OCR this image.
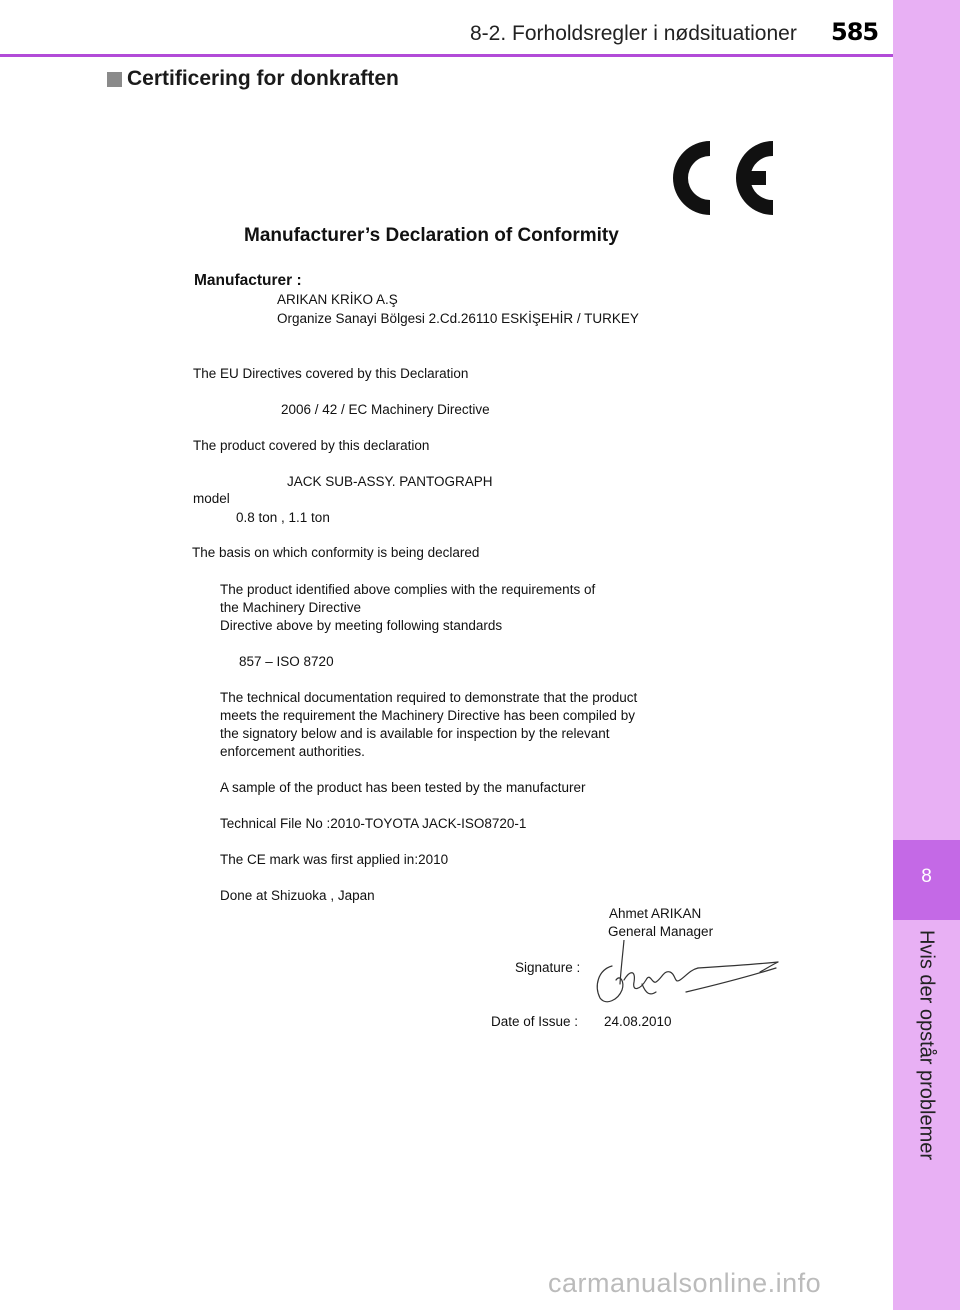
8-2. Forholdsregler i nødsituationer 585
8
Hvis der opstår problemer
Certificering for donkraften
Manufacturer’s Declaration of Conformity
Manufacturer :
ARIKAN KRİKO A.Ş
Organize Sanayi Bölgesi 2.Cd.26110 ESKİŞEHİR / TURKEY
The EU Directives covered by this Declaration
2006 / 42 / EC Machinery Directive
The product covered by this declaration
JACK SUB-ASSY. PANTOGRAPH
model
0.8 ton , 1.1 ton
The basis on which conformity is being declared
The product identified above complies with the requirements of
the Machinery Directive
Directive above by meeting following standards
857 – ISO 8720
The technical documentation required to demonstrate that the product
meets the requirement the Machinery Directive has been compiled by
the signatory below and is available for inspection by the relevant
enforcement authorities.
A sample of the product has been tested by the manufacturer
Technical File No :2010-TOYOTA JACK-ISO8720-1
The CE mark was first applied in:2010
Done at Shizuoka , Japan
Ahmet ARIKAN
General Manager
Signature :
Date of Issue : 24.08.2010
carmanualsonline.info
